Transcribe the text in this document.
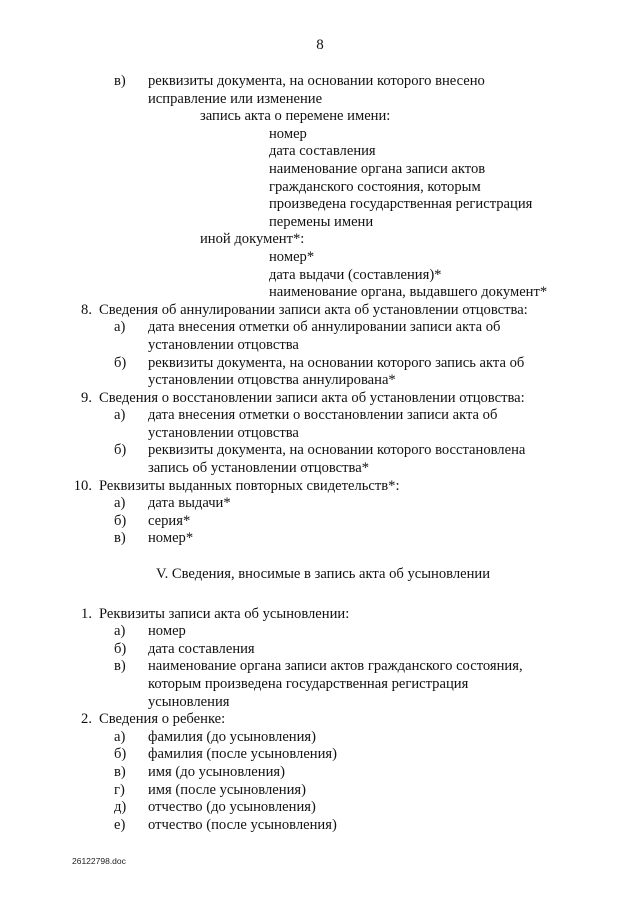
8
в) реквизиты документа, на основании которого внесено
исправление или изменение
запись акта о перемене имени:
номер
дата составления
наименование органа записи актов
гражданского состояния, которым
произведена государственная регистрация
перемены имени
иной документ*:
номер*
дата выдачи (составления)*
наименование органа, выдавшего документ*
8. Сведения об аннулировании записи акта об установлении отцовства:
а) дата внесения отметки об аннулировании записи акта об
установлении отцовства
б) реквизиты документа, на основании которого запись акта об
установлении отцовства аннулирована*
9. Сведения о восстановлении записи акта об установлении отцовства:
а) дата внесения отметки о восстановлении записи акта об
установлении отцовства
б) реквизиты документа, на основании которого восстановлена
запись об установлении отцовства*
10. Реквизиты выданных повторных свидетельств*:
а) дата выдачи*
б) серия*
в) номер*
V. Сведения, вносимые в запись акта об усыновлении
1. Реквизиты записи акта об усыновлении:
а) номер
б) дата составления
в) наименование органа записи актов гражданского состояния,
которым произведена государственная регистрация
усыновления
2. Сведения о ребенке:
а) фамилия (до усыновления)
б) фамилия (после усыновления)
в) имя (до усыновления)
г) имя (после усыновления)
д) отчество (до усыновления)
е) отчество (после усыновления)
26122798.doc
